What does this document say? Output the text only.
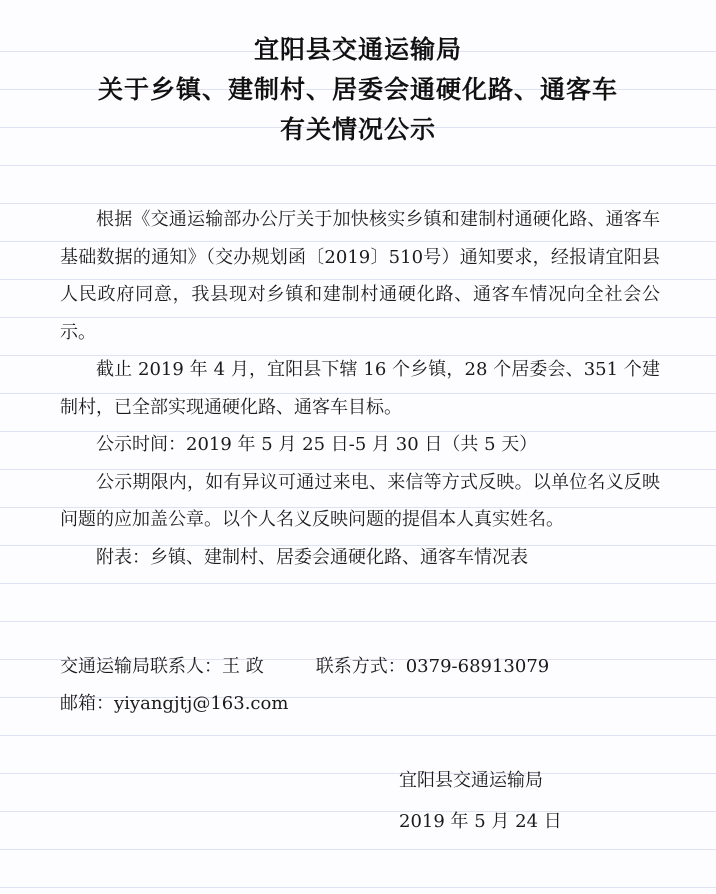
宜阳县交通运输局
关于乡镇、建制村、居委会通硬化路、通客车
有关情况公示

根据《交通运输部办公厅关于加快核实乡镇和建制村通硬化路、通客车基础数据的通知》（交办规划函〔2019〕510号）通知要求，经报请宜阳县人民政府同意，我县现对乡镇和建制村通硬化路、通客车情况向全社会公示。

截止 2019 年 4 月，宜阳县下辖 16 个乡镇，28 个居委会、351 个建制村，已全部实现通硬化路、通客车目标。

公示时间：2019 年 5 月 25 日-5 月 30 日（共 5 天）

公示期限内，如有异议可通过来电、来信等方式反映。以单位名义反映问题的应加盖公章。以个人名义反映问题的提倡本人真实姓名。

附表：乡镇、建制村、居委会通硬化路、通客车情况表

交通运输局联系人：王 政	联系方式：0379-68913079
邮箱：yiyangjtj@163.com
宜阳县交通运输局
2019 年 5 月 24 日
